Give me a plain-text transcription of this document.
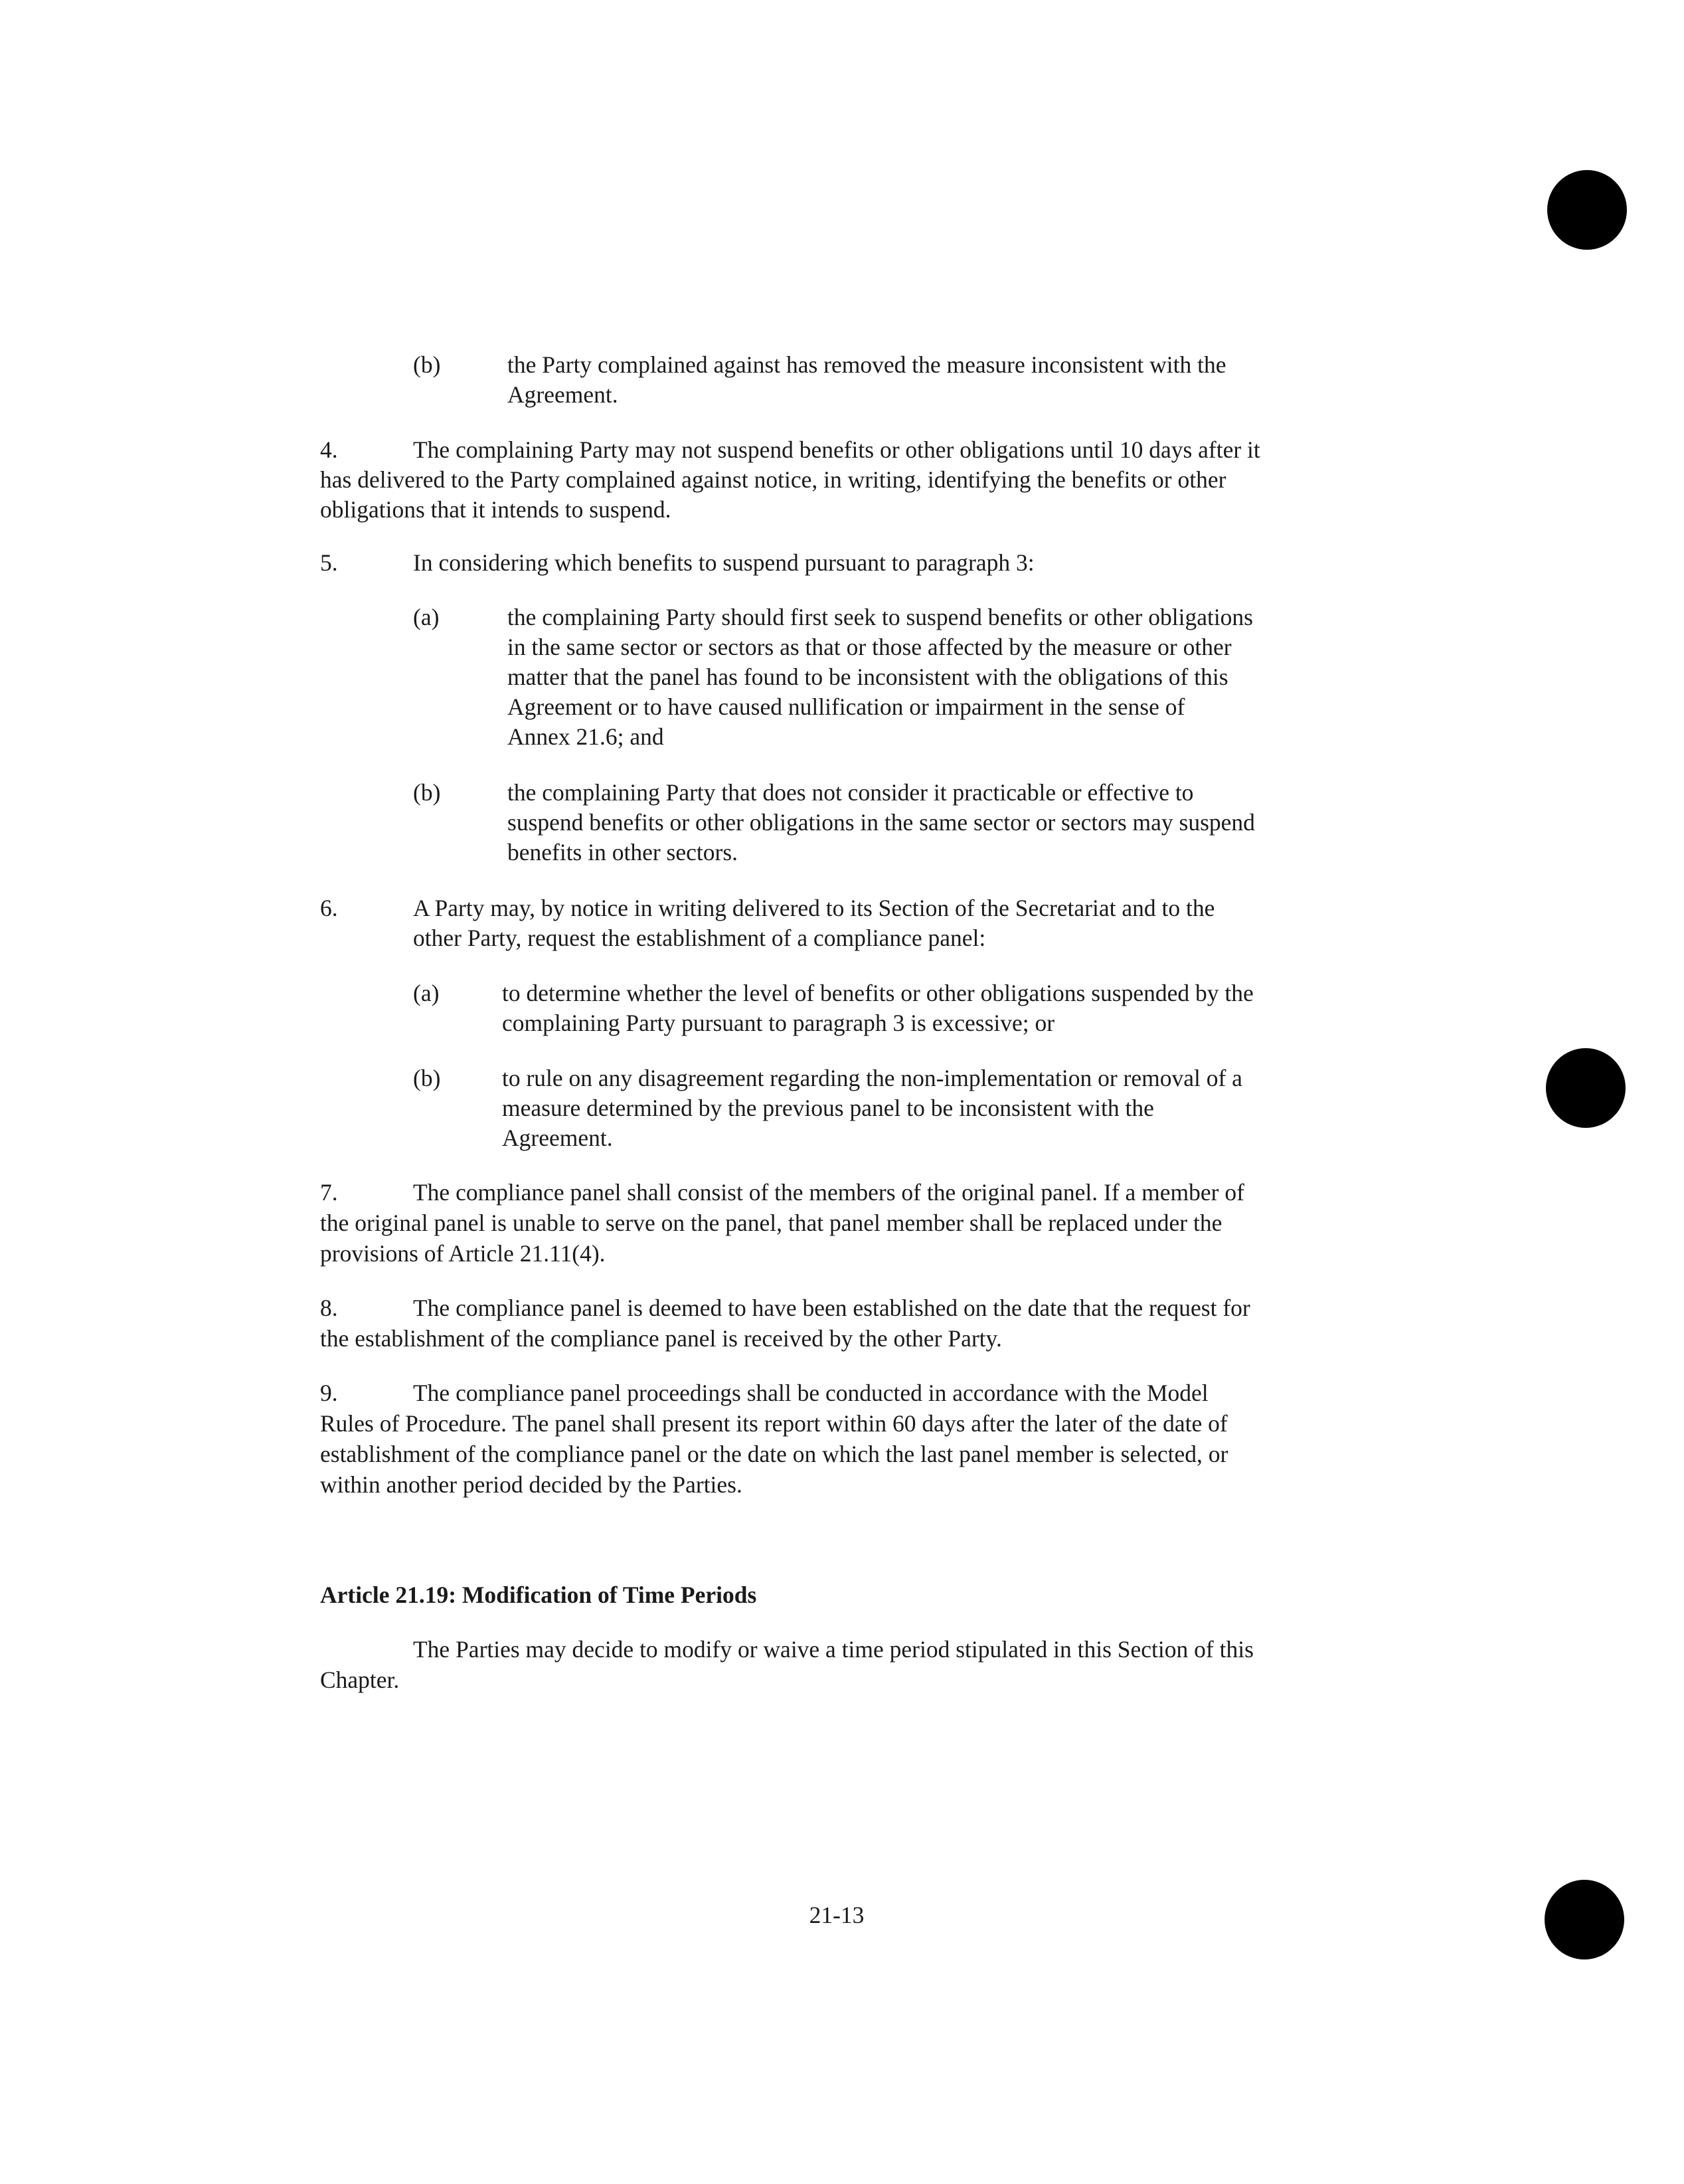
(b)	the Party complained against has removed the measure inconsistent with the
Agreement.
4.	The complaining Party may not suspend benefits or other obligations until 10 days after it
has delivered to the Party complained against notice, in writing, identifying the benefits or other
obligations that it intends to suspend.
5.	In considering which benefits to suspend pursuant to paragraph 3:
(a)	the complaining Party should first seek to suspend benefits or other obligations
in the same sector or sectors as that or those affected by the measure or other
matter that the panel has found to be inconsistent with the obligations of this
Agreement or to have caused nullification or impairment in the sense of
Annex 21.6; and
(b)	the complaining Party that does not consider it practicable or effective to
suspend benefits or other obligations in the same sector or sectors may suspend
benefits in other sectors.
6.	A Party may, by notice in writing delivered to its Section of the Secretariat and to the
other Party, request the establishment of a compliance panel:
(a)	to determine whether the level of benefits or other obligations suspended by the
complaining Party pursuant to paragraph 3 is excessive; or
(b)	to rule on any disagreement regarding the non-implementation or removal of a
measure determined by the previous panel to be inconsistent with the
Agreement.
7.	The compliance panel shall consist of the members of the original panel. If a member of
the original panel is unable to serve on the panel, that panel member shall be replaced under the
provisions of Article 21.11(4).
8.	The compliance panel is deemed to have been established on the date that the request for
the establishment of the compliance panel is received by the other Party.
9.	The compliance panel proceedings shall be conducted in accordance with the Model
Rules of Procedure. The panel shall present its report within 60 days after the later of the date of
establishment of the compliance panel or the date on which the last panel member is selected, or
within another period decided by the Parties.
Article 21.19: Modification of Time Periods
The Parties may decide to modify or waive a time period stipulated in this Section of this
Chapter.
21-13
